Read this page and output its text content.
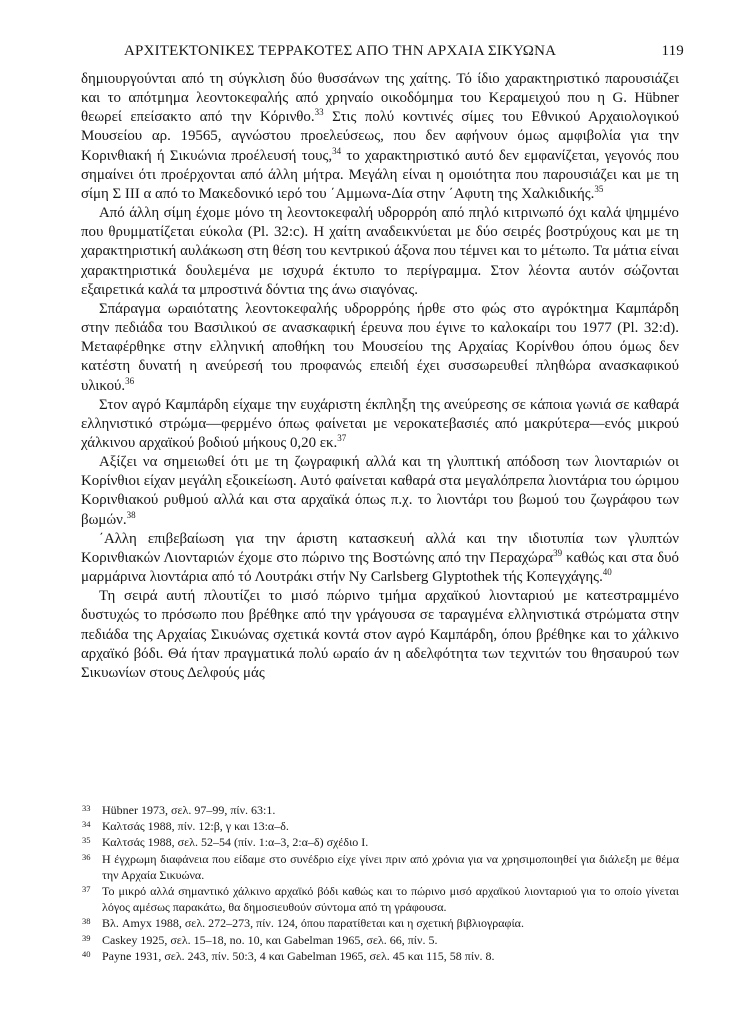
ΑΡΧΙΤΕΚΤΟΝΙΚΕΣ ΤΕΡΡΑΚΟΤΕΣ ΑΠΟ ΤΗΝ ΑΡΧΑΙΑ ΣΙΚΥΩΝΑ	119

δημιουργούνται από τη σύγκλιση δύο θυσσάνων της χαίτης. Τό ίδιο χαρακτηριστικό παρουσιάζει και το απότμημα λεοντοκεφαλής από χρηναίο οικοδόμημα του Κεραμειχού που η G. Hübner θεωρεί επείσακτο από την Κόρινθο.$^{33}$ Στις πολύ κοντινές σίμες του Εθνικού Αρχαιολογικού Μουσείου αρ. 19565, αγνώστου προελεύσεως, που δεν αφήνουν όμως αμφιβολία για την Κορινθιακή ή Σικυώνια προέλευσή τους,$^{34}$ το χαρακτηριστικό αυτό δεν εμφανίζεται, γεγονός που σημαίνει ότι προέρχονται από άλλη μήτρα. Μεγάλη είναι η ομοιότητα που παρουσιάζει και με τη σίμη Σ III α από το Μακεδονικό ιερό του ΄Αμμωνα-Δία στην ΄Αφυτη της Χαλκιδικής.$^{35}$

Από άλλη σίμη έχομε μόνο τη λεοντοκεφαλή υδρορρόη από πηλό κιτρινωπό όχι καλά ψημμένο που θρυμματίζεται εύκολα (Pl. 32:c). Η χαίτη αναδεικνύεται με δύο σειρές βοστρύχους και με τη χαρακτηριστική αυλάκωση στη θέση του κεντρικού άξονα που τέμνει και το μέτωπο. Τα μάτια είναι χαρακτηριστικά δουλεμένα με ισχυρά έκτυπο το περίγραμμα. Στον λέοντα αυτόν σώζονται εξαιρετικά καλά τα μπροστινά δόντια της άνω σιαγόνας.

Σπάραγμα ωραιότατης λεοντοκεφαλής υδρορρόης ήρθε στο φώς στο αγρόκτημα Καμπάρδη στην πεδιάδα του Βασιλικού σε ανασκαφική έρευνα που έγινε το καλοκαίρι του 1977 (Pl. 32:d). Μεταφέρθηκε στην ελληνική αποθήκη του Μουσείου της Αρχαίας Κορίνθου όπου όμως δεν κατέστη δυνατή η ανεύρεσή του προφανώς επειδή έχει συσσωρευθεί πληθώρα ανασκαφικού υλικού.$^{36}$

Στον αγρό Καμπάρδη είχαμε την ευχάριστη έκπληξη της ανεύρεσης σε κάποια γωνιά σε καθαρά ελληνιστικό στρώμα—φερμένο όπως φαίνεται με νεροκατεβασιές από μακρύτερα—ενός μικρού χάλκινου αρχαϊκού βοδιού μήκους 0,20 εκ.$^{37}$

Αξίζει να σημειωθεί ότι με τη ζωγραφική αλλά και τη γλυπτική απόδοση των λιονταριών οι Κορίνθιοι είχαν μεγάλη εξοικείωση. Αυτό φαίνεται καθαρά στα μεγαλόπρεπα λιοντάρια του ώριμου Κορινθιακού ρυθμού αλλά και στα αρχαϊκά όπως π.χ. το λιοντάρι του βωμού του ζωγράφου των βωμών.$^{38}$

΄Αλλη επιβεβαίωση για την άριστη κατασκευή αλλά και την ιδιοτυπία των γλυπτών Κορινθιακών Λιονταριών έχομε στο πώρινο της Βοστώνης από την Περαχώρα$^{39}$ καθώς και στα δυό μαρμάρινα λιοντάρια από τό Λουτράκι στήν Ny Carlsberg Glyptothek τής Κοπεγχάγης.$^{40}$

Τη σειρά αυτή πλουτίζει το μισό πώρινο τμήμα αρχαϊκού λιονταριού με κατεστραμμένο δυστυχώς το πρόσωπο που βρέθηκε από την γράγουσα σε ταραγμένα ελληνιστικά στρώματα στην πεδιάδα της Αρχαίας Σικυώνας σχετικά κοντά στον αγρό Καμπάρδη, όπου βρέθηκε και το χάλκινο αρχαϊκό βόδι. Θά ήταν πραγματικά πολύ ωραίο άν η αδελφότητα των τεχνιτών του θησαυρού των Σικυωνίων στους Δελφούς μάς

33 Hübner 1973, σελ. 97–99, πίν. 63:1.
34 Καλτσάς 1988, πίν. 12:β, γ και 13:α–δ.
35 Καλτσάς 1988, σελ. 52–54 (πίν. 1:α–3, 2:α–δ) σχέδιο I.
36 Η έγχρωμη διαφάνεια που είδαμε στο συνέδριο είχε γίνει πριν από χρόνια για να χρησιμοποιηθεί για διάλεξη με θέμα την Αρχαία Σικυώνα.
37 Το μικρό αλλά σημαντικό χάλκινο αρχαϊκό βόδι καθώς και το πώρινο μισό αρχαϊκού λιονταριού για το οποίο γίνεται λόγος αμέσως παρακάτω, θα δημοσιευθούν σύντομα από τη γράφουσα.
38 Βλ. Amyx 1988, σελ. 272–273, πίν. 124, όπου παρατίθεται και η σχετική βιβλιογραφία.
39 Caskey 1925, σελ. 15–18, no. 10, και Gabelman 1965, σελ. 66, πίν. 5.
40 Payne 1931, σελ. 243, πίν. 50:3, 4 και Gabelman 1965, σελ. 45 και 115, 58 πίν. 8.
